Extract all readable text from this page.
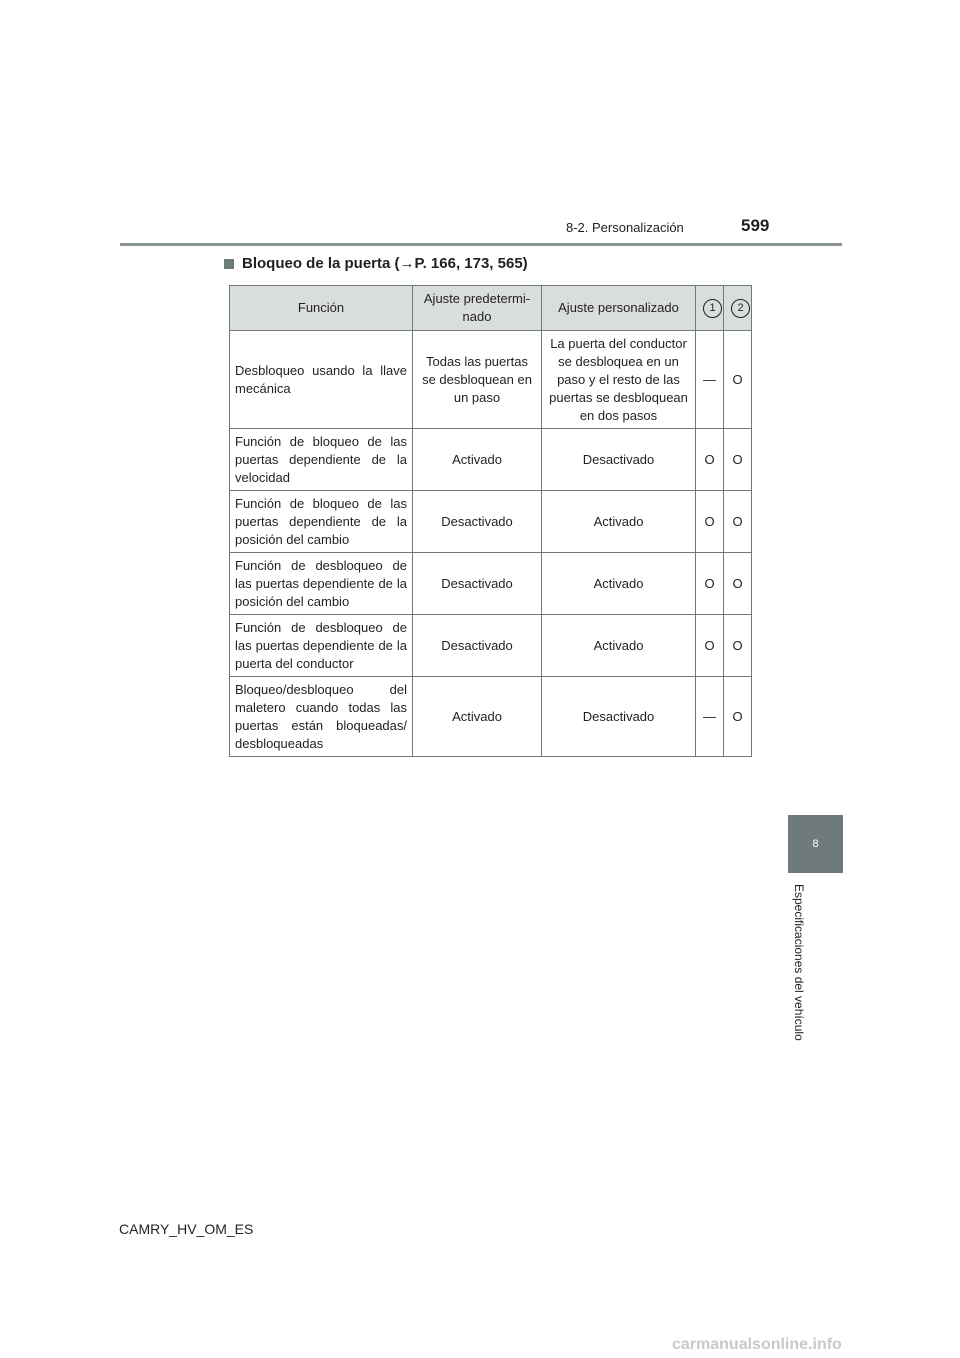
8-2. Personalización	599
8
Especificaciones del vehículo
Bloqueo de la puerta (→P. 166, 173, 565)
Función	Ajuste predetermi-nado	Ajuste personalizado	1	2
Desbloqueo usando la llave mecánica	Todas las puertas se desbloquean en un paso	La puerta del conductor se desbloquea en un paso y el resto de las puertas se desbloquean en dos pasos	—	O
Función de bloqueo de las puertas dependiente de la velocidad	Activado	Desactivado	O	O
Función de bloqueo de las puertas dependiente de la posición del cambio	Desactivado	Activado	O	O
Función de desbloqueo de las puertas dependiente de la posición del cambio	Desactivado	Activado	O	O
Función de desbloqueo de las puertas dependiente de la puerta del conductor	Desactivado	Activado	O	O
Bloqueo/desbloqueo del maletero cuando todas las puertas están bloqueadas/ desbloqueadas	Activado	Desactivado	—	O
CAMRY_HV_OM_ES
carmanualsonline.info
